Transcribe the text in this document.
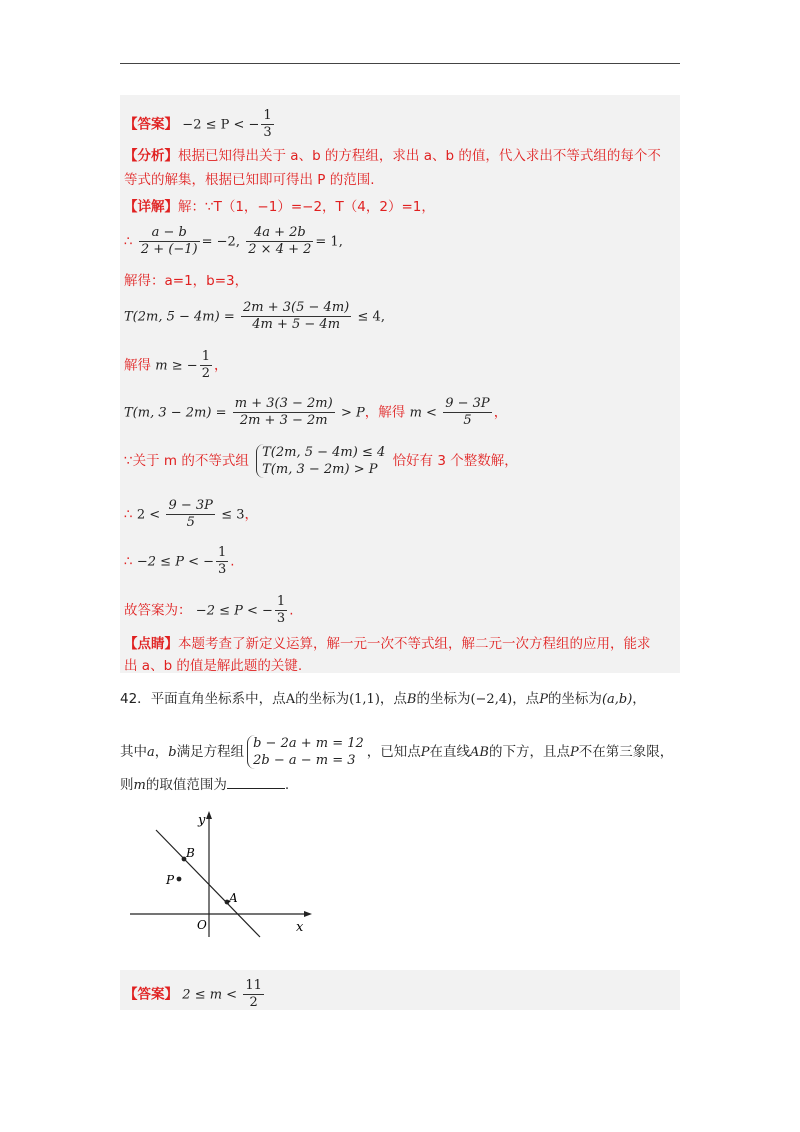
【答案】 −2 ≤ P < − $\frac{1}{3}$
【分析】根据已知得出关于 a、b 的方程组，求出 a、b 的值，代入求出不等式组的每个不
等式的解集，根据已知即可得出 P 的范围.
【详解】解：∵T（1，−1）=−2，T（4，2）=1，
∴ $\frac{a - b}{2 + (-1)} = -2$, $\frac{4a + 2b}{2 \times 4 + 2} = 1$,
解得：a=1，b=3，
T(2m, $5 - 4m) = \frac{2m + 3(5 - 4m)}{4m + 5 - 4m} \le 4$,
解得 m ≥ − $\frac{1}{2}$ ，
T(m, $3 - 2m) = \frac{m + 3(3 - 2m)}{2m + 3 - 2m} > P$，解得 $m < \frac{9 - 3P}{5}$ ，
∵关于 m 的不等式组
T(2m, 5 − 4m) ≤ 4
T(m, 3 − 2m) > P
恰好有 3 个整数解，
∴ $2 < \frac{9 - 3P}{5} \le 3$，
∴ −2 ≤ P < − $\frac{1}{3}$ .
故答案为： −2 ≤ P < − $\frac{1}{3}$ .
【点睛】本题考查了新定义运算，解一元一次不等式组，解二元一次方程组的应用，能求
出 a、b 的值是解此题的关键.
42．平面直角坐标系中，点A的坐标为(1,1)，点B的坐标为(−2,4)，点P的坐标为(a,b)，
其中a，b满足方程组
b − 2a + m = 12
2b − a − m = 3
，已知点P在直线AB的下方，且点P不在第三象限，
则m的取值范围为	.
y
x
O
A
B
P
【答案】 $2 \le m < \frac{11}{2}$
